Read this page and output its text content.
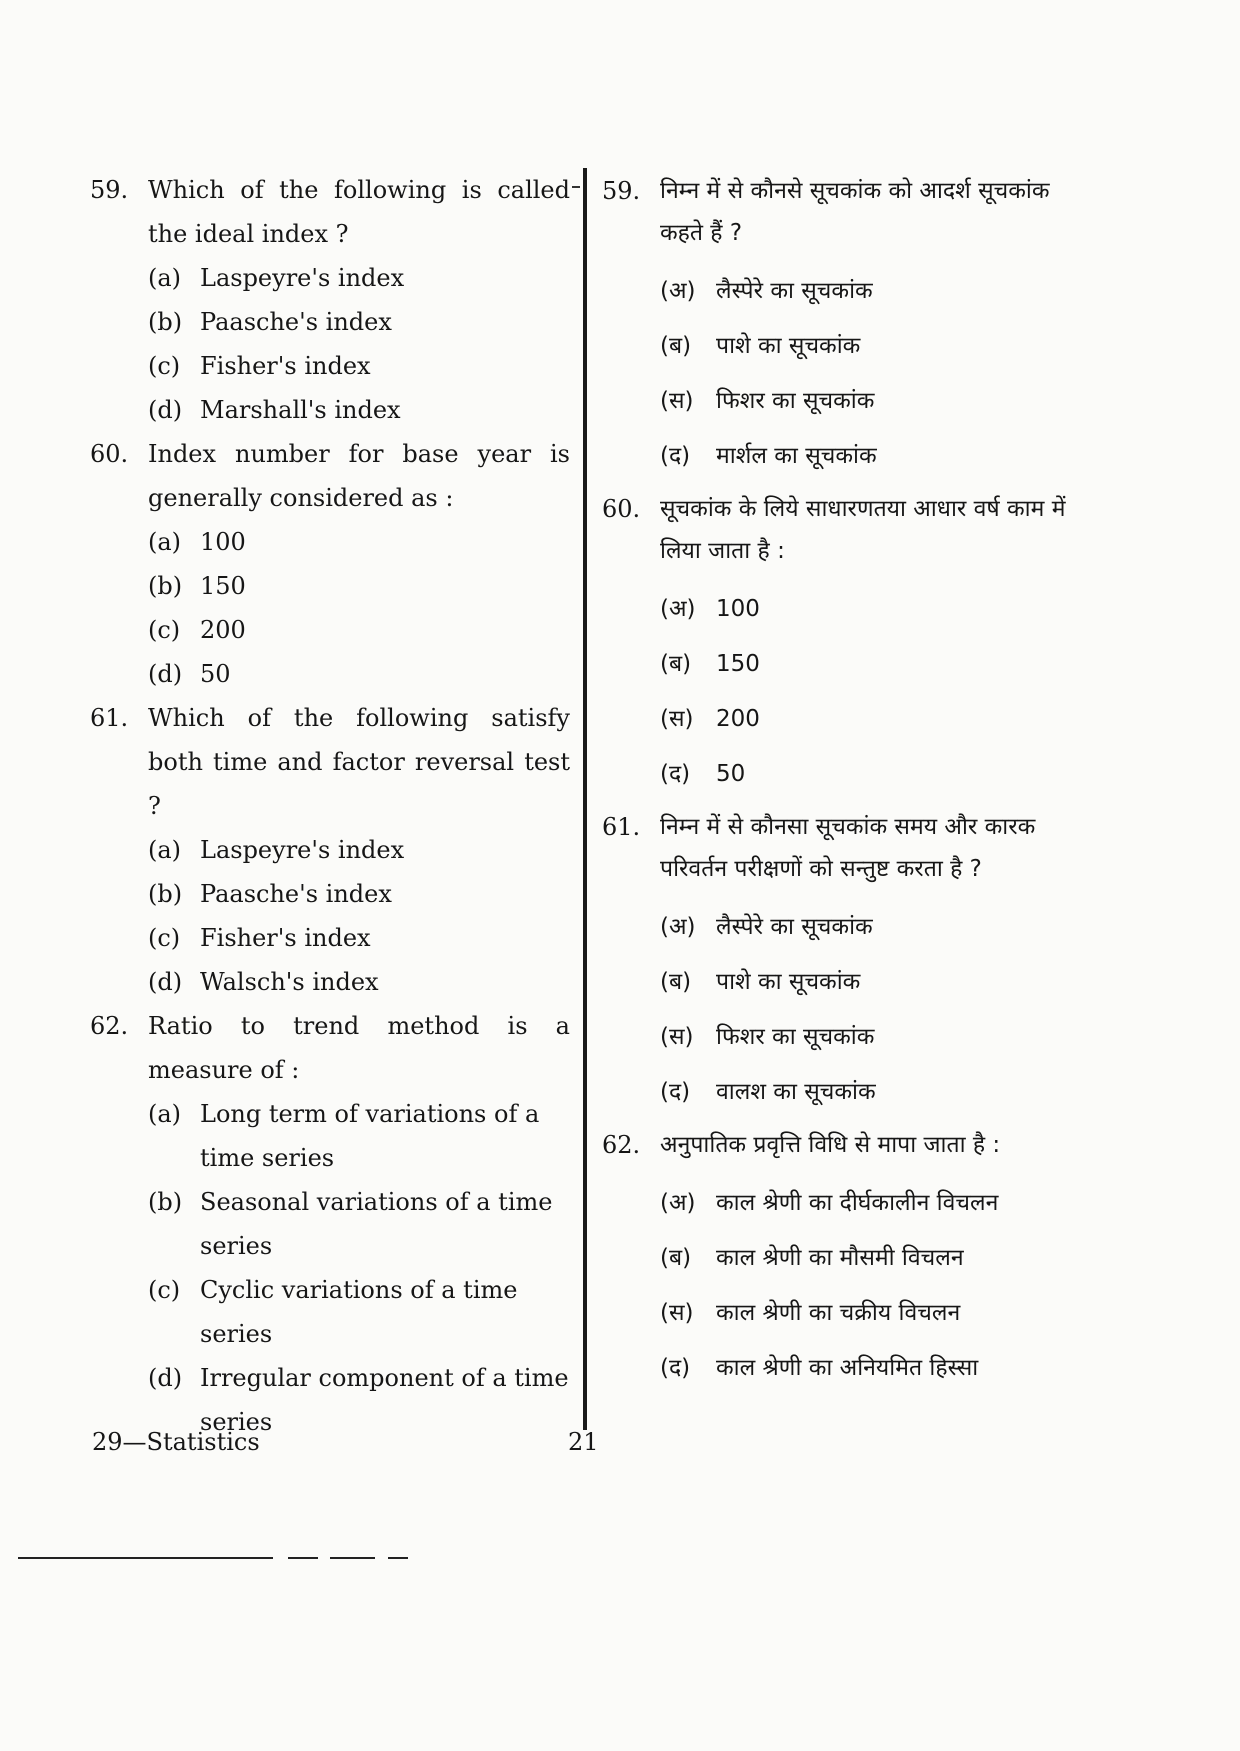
59. Which of the following is called the ideal index ?
(a) Laspeyre's index
(b) Paasche's index
(c) Fisher's index
(d) Marshall's index
60. Index number for base year is generally considered as :
(a) 100
(b) 150
(c) 200
(d) 50
61. Which of the following satisfy both time and factor reversal test ?
(a) Laspeyre's index
(b) Paasche's index
(c) Fisher's index
(d) Walsch's index
62. Ratio to trend method is a measure of :
(a) Long term of variations of a time series
(b) Seasonal variations of a time series
(c) Cyclic variations of a time series
(d) Irregular component of a time series
59. निम्न में से कौनसे सूचकांक को आदर्श सूचकांक कहते हैं ?
(अ) लैस्पेरे का सूचकांक
(ब)	पाशे का सूचकांक
(स) फिशर का सूचकांक
(द)	मार्शल का सूचकांक
60. सूचकांक के लिये साधारणतया आधार वर्ष काम में लिया जाता है :
(अ) 100
(ब)	150
(स) 200
(द)	50
61. निम्न में से कौनसा सूचकांक समय और कारक परिवर्तन परीक्षणों को सन्तुष्ट करता है ?
(अ) लैस्पेरे का सूचकांक
(ब)	पाशे का सूचकांक
(स) फिशर का सूचकांक
(द)	वालश का सूचकांक
62. अनुपातिक प्रवृत्ति विधि से मापा जाता है :
(अ) काल श्रेणी का दीर्घकालीन विचलन
(ब)	काल श्रेणी का मौसमी विचलन
(स) काल श्रेणी का चक्रीय विचलन
(द)	काल श्रेणी का अनियमित हिस्सा
29—Statistics	21
